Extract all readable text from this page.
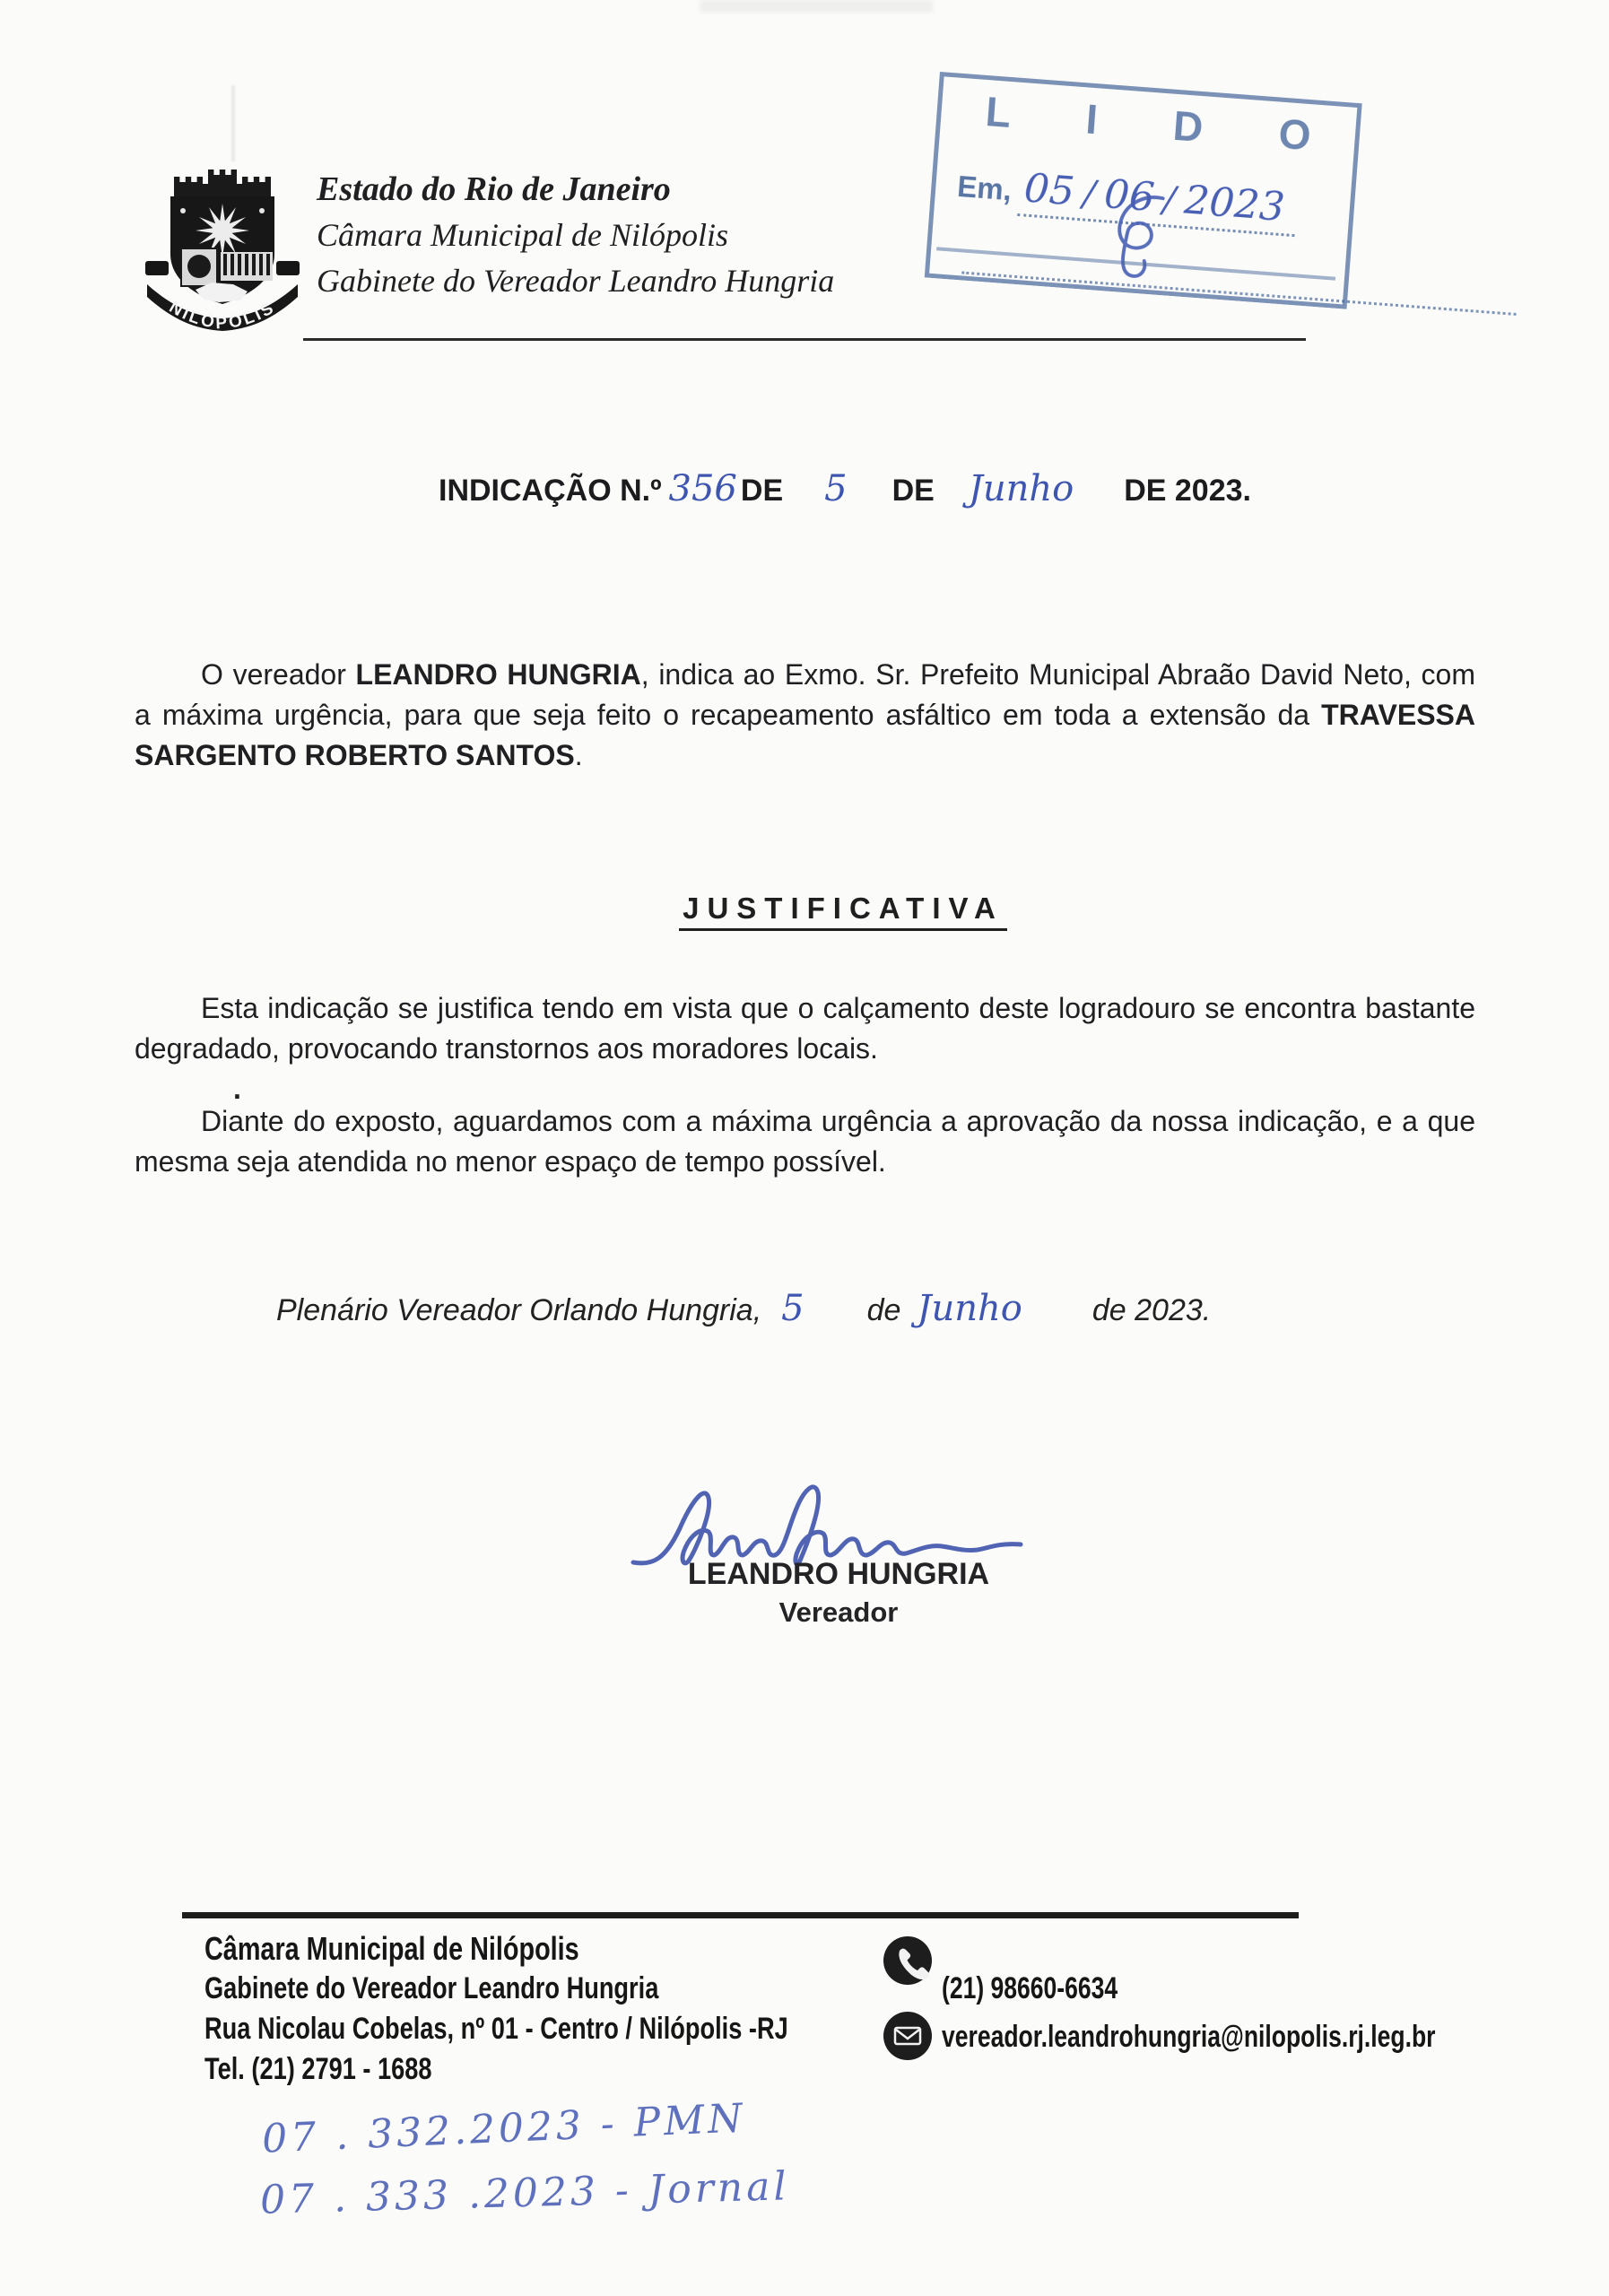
NILÓPOLIS
Estado do Rio de Janeiro
Câmara Municipal de Nilópolis
Gabinete do Vereador Leandro Hungria
L I D O
Em, 05 / 06 / 2023
INDICAÇÃO N.º 356 DE 5 DE Junho DE 2023.
O vereador LEANDRO HUNGRIA, indica ao Exmo. Sr. Prefeito Municipal Abraão David Neto, com a máxima urgência, para que seja feito o recapeamento asfáltico em toda a extensão da TRAVESSA SARGENTO ROBERTO SANTOS.
JUSTIFICATIVA
Esta indicação se justifica tendo em vista que o calçamento deste logradouro se encontra bastante degradado, provocando transtornos aos moradores locais.
.
Diante do exposto, aguardamos com a máxima urgência a aprovação da nossa indicação, e a que mesma seja atendida no menor espaço de tempo possível.
Plenário Vereador Orlando Hungria, 5 de Junho de 2023.
LEANDRO HUNGRIA
Vereador
Câmara Municipal de Nilópolis
Gabinete do Vereador Leandro Hungria
Rua Nicolau Cobelas, nº 01 - Centro / Nilópolis -RJ
Tel. (21) 2791 - 1688
(21) 98660-6634
vereador.leandrohungria@nilopolis.rj.leg.br
07 . 332.2023 - PMN
07 . 333 .2023 - Jornal
